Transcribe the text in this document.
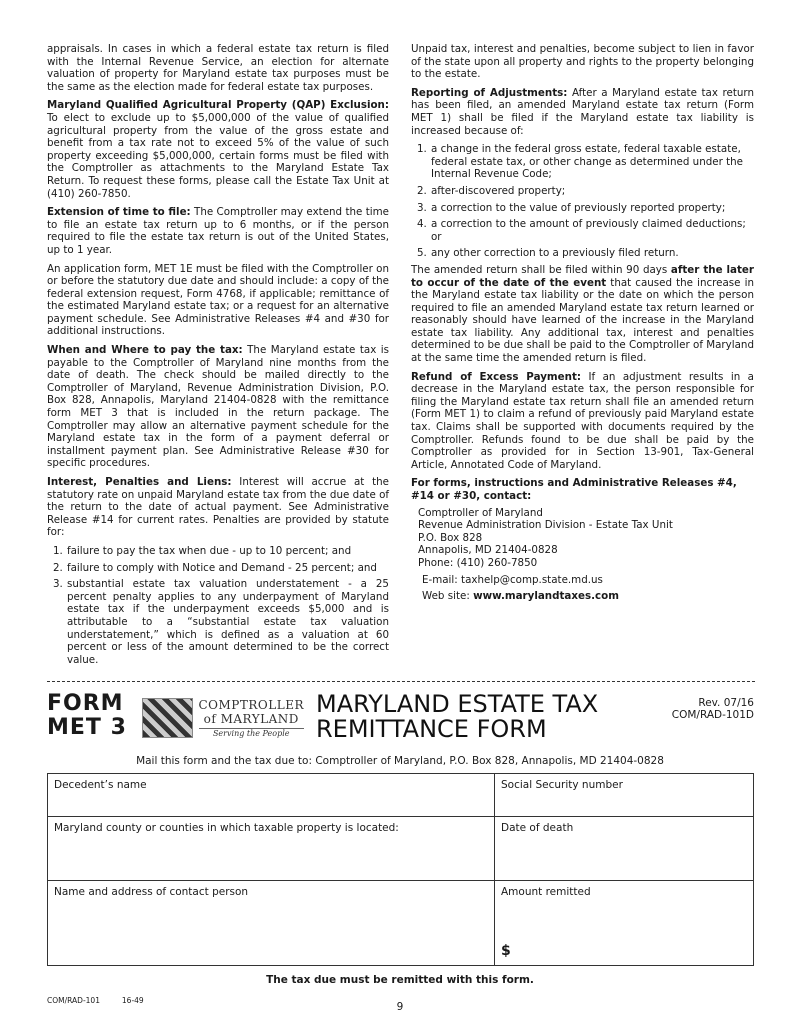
appraisals. In cases in which a federal estate tax return is filed with the Internal Revenue Service, an election for alternate valuation of property for Maryland estate tax purposes must be the same as the election made for federal estate tax purposes.

Maryland Qualified Agricultural Property (QAP) Exclusion: To elect to exclude up to $5,000,000 of the value of qualified agricultural property from the value of the gross estate and benefit from a tax rate not to exceed 5% of the value of such property exceeding $5,000,000, certain forms must be filed with the Comptroller as attachments to the Maryland Estate Tax Return. To request these forms, please call the Estate Tax Unit at (410) 260-7850.

Extension of time to file: The Comptroller may extend the time to file an estate tax return up to 6 months, or if the person required to file the estate tax return is out of the United States, up to 1 year.

An application form, MET 1E must be filed with the Comptroller on or before the statutory due date and should include: a copy of the federal extension request, Form 4768, if applicable; remittance of the estimated Maryland estate tax; or a request for an alternative payment schedule. See Administrative Releases #4 and #30 for additional instructions.

When and Where to pay the tax: The Maryland estate tax is payable to the Comptroller of Maryland nine months from the date of death. The check should be mailed directly to the Comptroller of Maryland, Revenue Administration Division, P.O. Box 828, Annapolis, Maryland 21404-0828 with the remittance form MET 3 that is included in the return package. The Comptroller may allow an alternative payment schedule for the Maryland estate tax in the form of a payment deferral or installment payment plan. See Administrative Release #30 for specific procedures.

Interest, Penalties and Liens: Interest will accrue at the statutory rate on unpaid Maryland estate tax from the due date of the return to the date of actual payment. See Administrative Release #14 for current rates. Penalties are provided by statute for:

1. failure to pay the tax when due - up to 10 percent; and
2. failure to comply with Notice and Demand - 25 percent; and
3. substantial estate tax valuation understatement - a 25 percent penalty applies to any underpayment of Maryland estate tax if the underpayment exceeds $5,000 and is attributable to a “substantial estate tax valuation understatement,” which is defined as a valuation at 60 percent or less of the amount determined to be the correct value.

Unpaid tax, interest and penalties, become subject to lien in favor of the state upon all property and rights to the property belonging to the estate.

Reporting of Adjustments: After a Maryland estate tax return has been filed, an amended Maryland estate tax return (Form MET 1) shall be filed if the Maryland estate tax liability is increased because of:

1. a change in the federal gross estate, federal taxable estate, federal estate tax, or other change as determined under the Internal Revenue Code;
2. after-discovered property;
3. a correction to the value of previously reported property;
4. a correction to the amount of previously claimed deductions; or
5. any other correction to a previously filed return.

The amended return shall be filed within 90 days after the later to occur of the date of the event that caused the increase in the Maryland estate tax liability or the date on which the person required to file an amended Maryland estate tax return learned or reasonably should have learned of the increase in the Maryland estate tax liability. Any additional tax, interest and penalties determined to be due shall be paid to the Comptroller of Maryland at the same time the amended return is filed.

Refund of Excess Payment: If an adjustment results in a decrease in the Maryland estate tax, the person responsible for filing the Maryland estate tax return shall file an amended return (Form MET 1) to claim a refund of previously paid Maryland estate tax. Claims shall be supported with documents required by the Comptroller. Refunds found to be due shall be paid by the Comptroller as provided for in Section 13-901, Tax-General Article, Annotated Code of Maryland.

For forms, instructions and Administrative Releases #4, #14 or #30, contact:

Comptroller of Maryland
Revenue Administration Division - Estate Tax Unit
P.O. Box 828
Annapolis, MD 21404-0828
Phone: (410) 260-7850
E-mail: taxhelp@comp.state.md.us
Web site: www.marylandtaxes.com
FORM
MET 3
COMPTROLLER
of MARYLAND
Serving the People
MARYLAND ESTATE TAX
REMITTANCE FORM
Rev. 07/16
COM/RAD-101D
Mail this form and the tax due to: Comptroller of Maryland, P.O. Box 828, Annapolis, MD 21404-0828
Decedent’s name	Social Security number
Maryland county or counties in which taxable property is located:	Date of death
Name and address of contact person	Amount remitted
$
The tax due must be remitted with this form.
COM/RAD-101	16-49
9
